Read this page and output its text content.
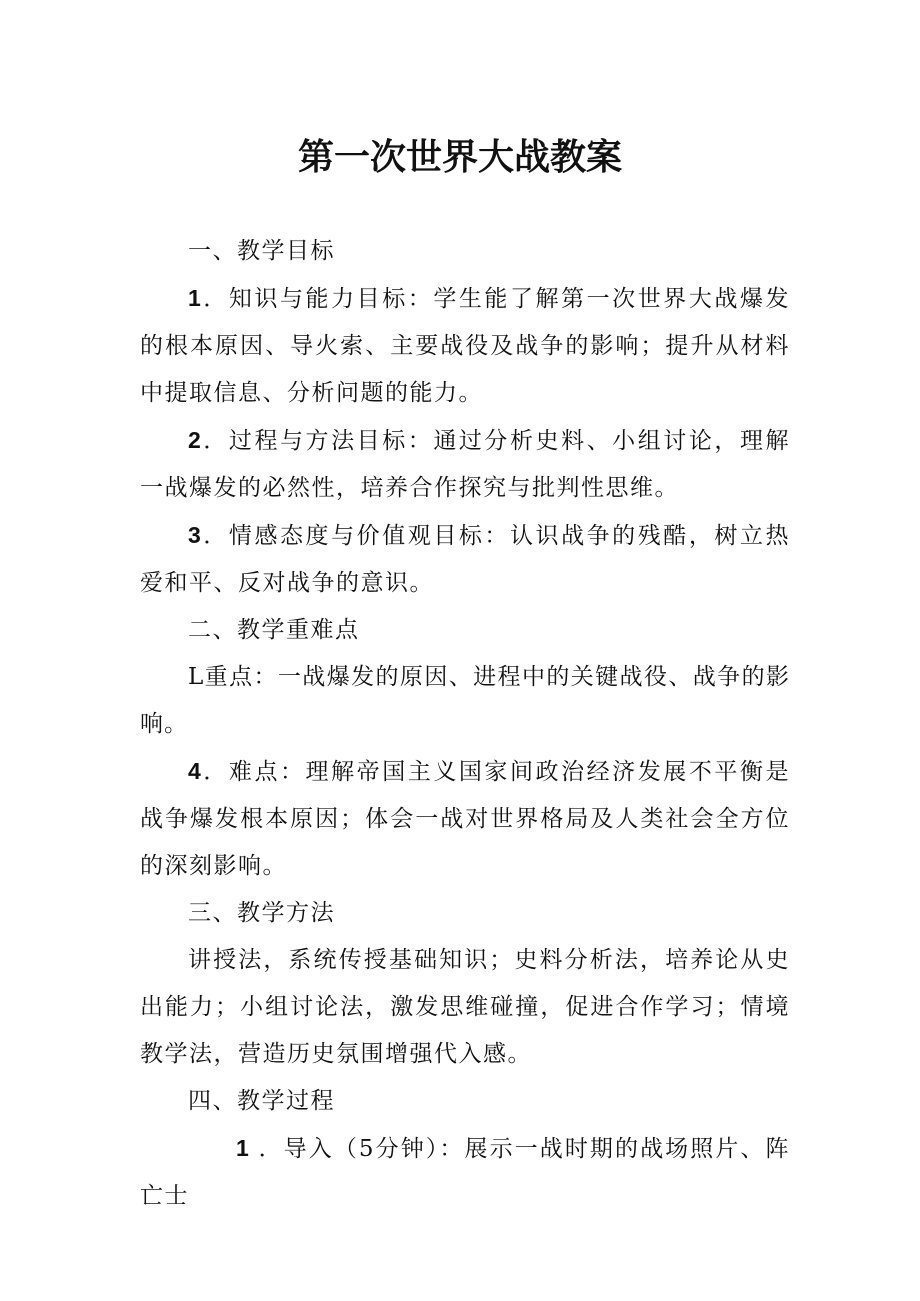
第一次世界大战教案

一、教学目标

1．知识与能力目标：学生能了解第一次世界大战爆发的根本原因、导火索、主要战役及战争的影响；提升从材料中提取信息、分析问题的能力。

2．过程与方法目标：通过分析史料、小组讨论，理解一战爆发的必然性，培养合作探究与批判性思维。

3．情感态度与价值观目标：认识战争的残酷，树立热爱和平、反对战争的意识。

二、教学重难点

L重点：一战爆发的原因、进程中的关键战役、战争的影响。

4．难点：理解帝国主义国家间政治经济发展不平衡是战争爆发根本原因；体会一战对世界格局及人类社会全方位的深刻影响。

三、教学方法

讲授法，系统传授基础知识；史料分析法，培养论从史出能力；小组讨论法，激发思维碰撞，促进合作学习；情境教学法，营造历史氛围增强代入感。

四、教学过程

1 ．导入（5分钟）：展示一战时期的战场照片、阵亡士
